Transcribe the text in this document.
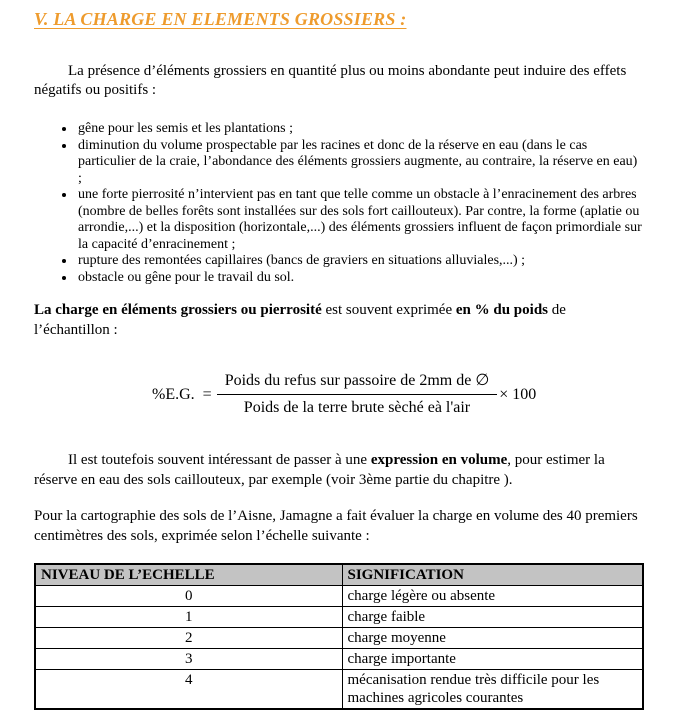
V. LA CHARGE EN ELEMENTS GROSSIERS :

La présence d’éléments grossiers en quantité plus ou moins abondante peut induire des effets négatifs ou positifs :

• gêne pour les semis et les plantations ;
• diminution du volume prospectable par les racines et donc de la réserve en eau (dans le cas particulier de la craie, l’abondance des éléments grossiers augmente, au contraire, la réserve en eau) ;
• une forte pierrosité n’intervient pas en tant que telle comme un obstacle à l’enracinement des arbres (nombre de belles forêts sont installées sur des sols fort caillouteux). Par contre, la forme (aplatie ou arrondie,...) et la disposition (horizontale,...) des éléments grossiers influent de façon primordiale sur la capacité d’enracinement ;
• rupture des remontées capillaires (bancs de graviers en situations alluviales,...) ;
• obstacle ou gêne pour le travail du sol.

La charge en éléments grossiers ou pierrosité est souvent exprimée en % du poids de l’échantillon :

%E.G. = $\frac{\text{Poids du refus sur passoire de 2mm de ∅}}{\text{Poids de la terre brute sèché eà l'air}} \times 100$

Il est toutefois souvent intéressant de passer à une expression en volume, pour estimer la réserve en eau des sols caillouteux, par exemple (voir 3ème partie du chapitre ).

Pour la cartographie des sols de l’Aisne, Jamagne a fait évaluer la charge en volume des 40 premiers centimètres des sols, exprimée selon l’échelle suivante :

NIVEAU DE L’ECHELLE	SIGNIFICATION
0	charge légère ou absente
1	charge faible
2	charge moyenne
3	charge importante
4	mécanisation rendue très difficile pour les machines agricoles courantes
